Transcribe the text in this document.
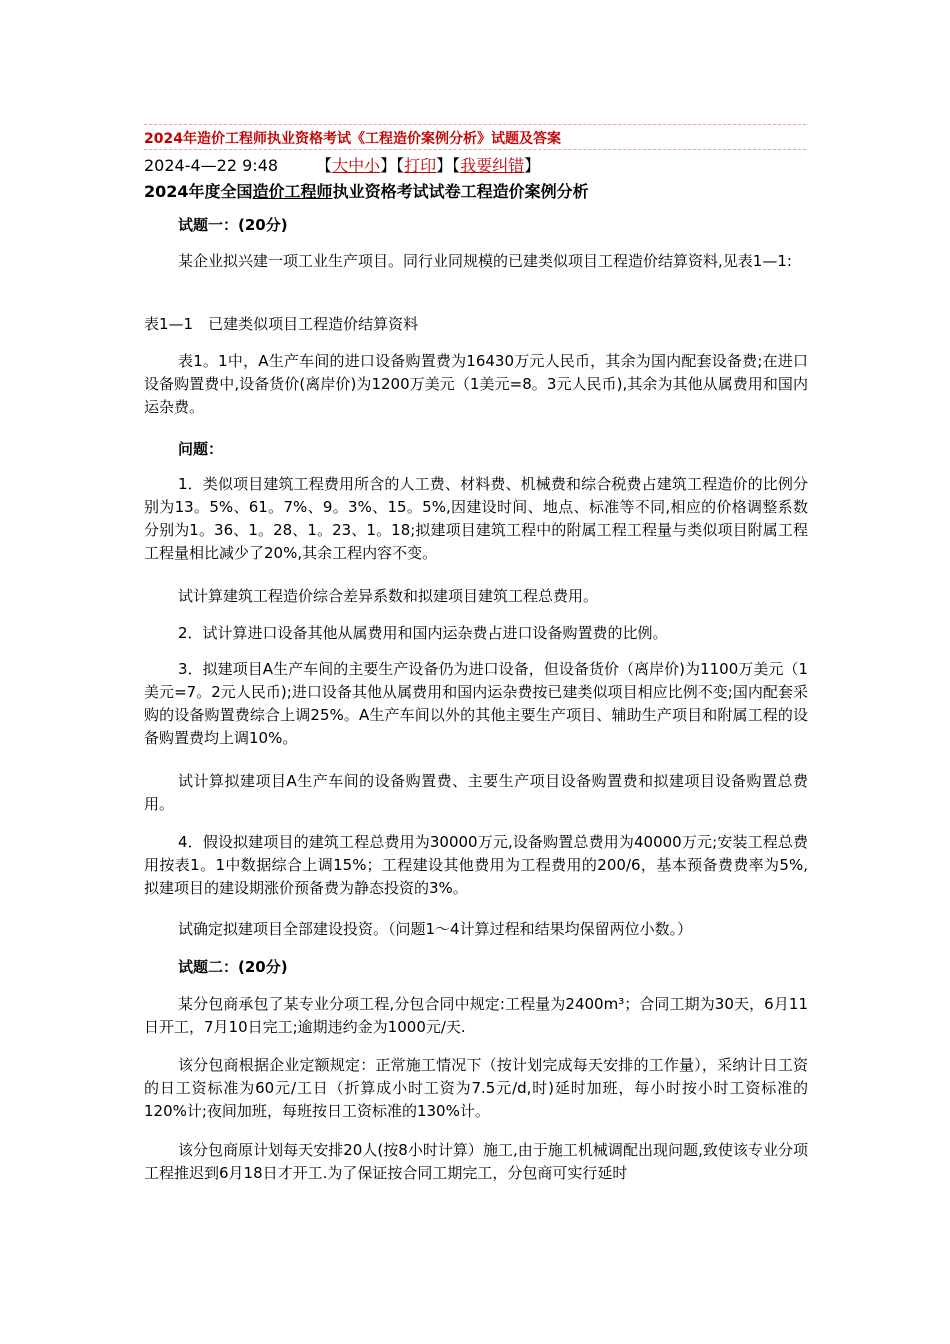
2024年造价工程师执业资格考试《工程造价案例分析》试题及答案
2024-4—22 9:48 【大中小】【打印】【我要纠错】
2024年度全国造价工程师执业资格考试试卷工程造价案例分析

试题一：(20分)

某企业拟兴建一项工业生产项目。同行业同规模的已建类似项目工程造价结算资料,见表1—1:

表1—1　已建类似项目工程造价结算资料

表1。1中，A生产车间的进口设备购置费为16430万元人民币，其余为国内配套设备费;在进口设备购置费中,设备货价(离岸价)为1200万美元（1美元=8。3元人民币),其余为其他从属费用和国内运杂费。

问题：

1．类似项目建筑工程费用所含的人工费、材料费、机械费和综合税费占建筑工程造价的比例分别为13。5%、61。7%、9。3%、15。5%,因建设时间、地点、标准等不同,相应的价格调整系数分别为1。36、1。28、1。23、1。18;拟建项目建筑工程中的附属工程工程量与类似项目附属工程工程量相比减少了20%,其余工程内容不变。

试计算建筑工程造价综合差异系数和拟建项目建筑工程总费用。

2．试计算进口设备其他从属费用和国内运杂费占进口设备购置费的比例。

3．拟建项目A生产车间的主要生产设备仍为进口设备，但设备货价（离岸价)为1100万美元（1美元=7。2元人民币);进口设备其他从属费用和国内运杂费按已建类似项目相应比例不变;国内配套采购的设备购置费综合上调25%。A生产车间以外的其他主要生产项目、辅助生产项目和附属工程的设备购置费均上调10%。

试计算拟建项目A生产车间的设备购置费、主要生产项目设备购置费和拟建项目设备购置总费用。

4．假设拟建项目的建筑工程总费用为30000万元,设备购置总费用为40000万元;安装工程总费用按表1。1中数据综合上调15%；工程建设其他费用为工程费用的200/6，基本预备费费率为5%,拟建项目的建设期涨价预备费为静态投资的3%。

试确定拟建项目全部建设投资。（问题1～4计算过程和结果均保留两位小数。）

试题二：(20分)

某分包商承包了某专业分项工程,分包合同中规定:工程量为2400m³；合同工期为30天，6月11日开工，7月10日完工;逾期违约金为1000元/天.

该分包商根据企业定额规定：正常施工情况下（按计划完成每天安排的工作量），采纳计日工资的日工资标准为60元/工日（折算成小时工资为7.5元/d,时)延时加班，每小时按小时工资标准的120%计;夜间加班，每班按日工资标准的130%计。

该分包商原计划每天安排20人(按8小时计算）施工,由于施工机械调配出现问题,致使该专业分项工程推迟到6月18日才开工.为了保证按合同工期完工，分包商可实行延时
